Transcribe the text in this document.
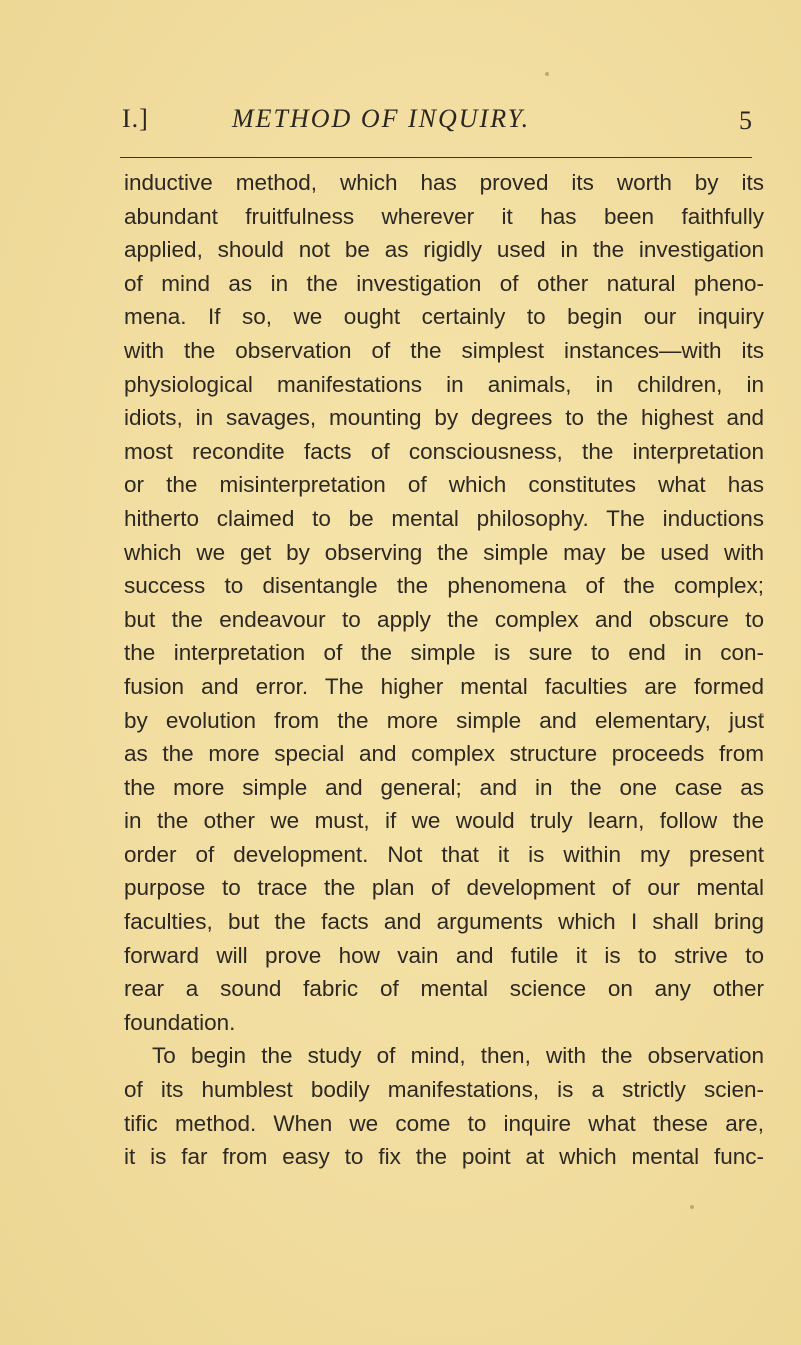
I.]	METHOD OF INQUIRY.	5
inductive method, which has proved its worth by its
abundant fruitfulness wherever it has been faithfully
applied, should not be as rigidly used in the investigation
of mind as in the investigation of other natural pheno-
mena. If so, we ought certainly to begin our inquiry
with the observation of the simplest instances—with its
physiological manifestations in animals, in children, in
idiots, in savages, mounting by degrees to the highest and
most recondite facts of consciousness, the interpretation
or the misinterpretation of which constitutes what has
hitherto claimed to be mental philosophy. The inductions
which we get by observing the simple may be used with
success to disentangle the phenomena of the complex;
but the endeavour to apply the complex and obscure to
the interpretation of the simple is sure to end in con-
fusion and error. The higher mental faculties are formed
by evolution from the more simple and elementary, just
as the more special and complex structure proceeds from
the more simple and general; and in the one case as
in the other we must, if we would truly learn, follow the
order of development. Not that it is within my present
purpose to trace the plan of development of our mental
faculties, but the facts and arguments which I shall bring
forward will prove how vain and futile it is to strive to
rear a sound fabric of mental science on any other
foundation.
To begin the study of mind, then, with the observation
of its humblest bodily manifestations, is a strictly scien-
tific method. When we come to inquire what these are,
it is far from easy to fix the point at which mental func-
